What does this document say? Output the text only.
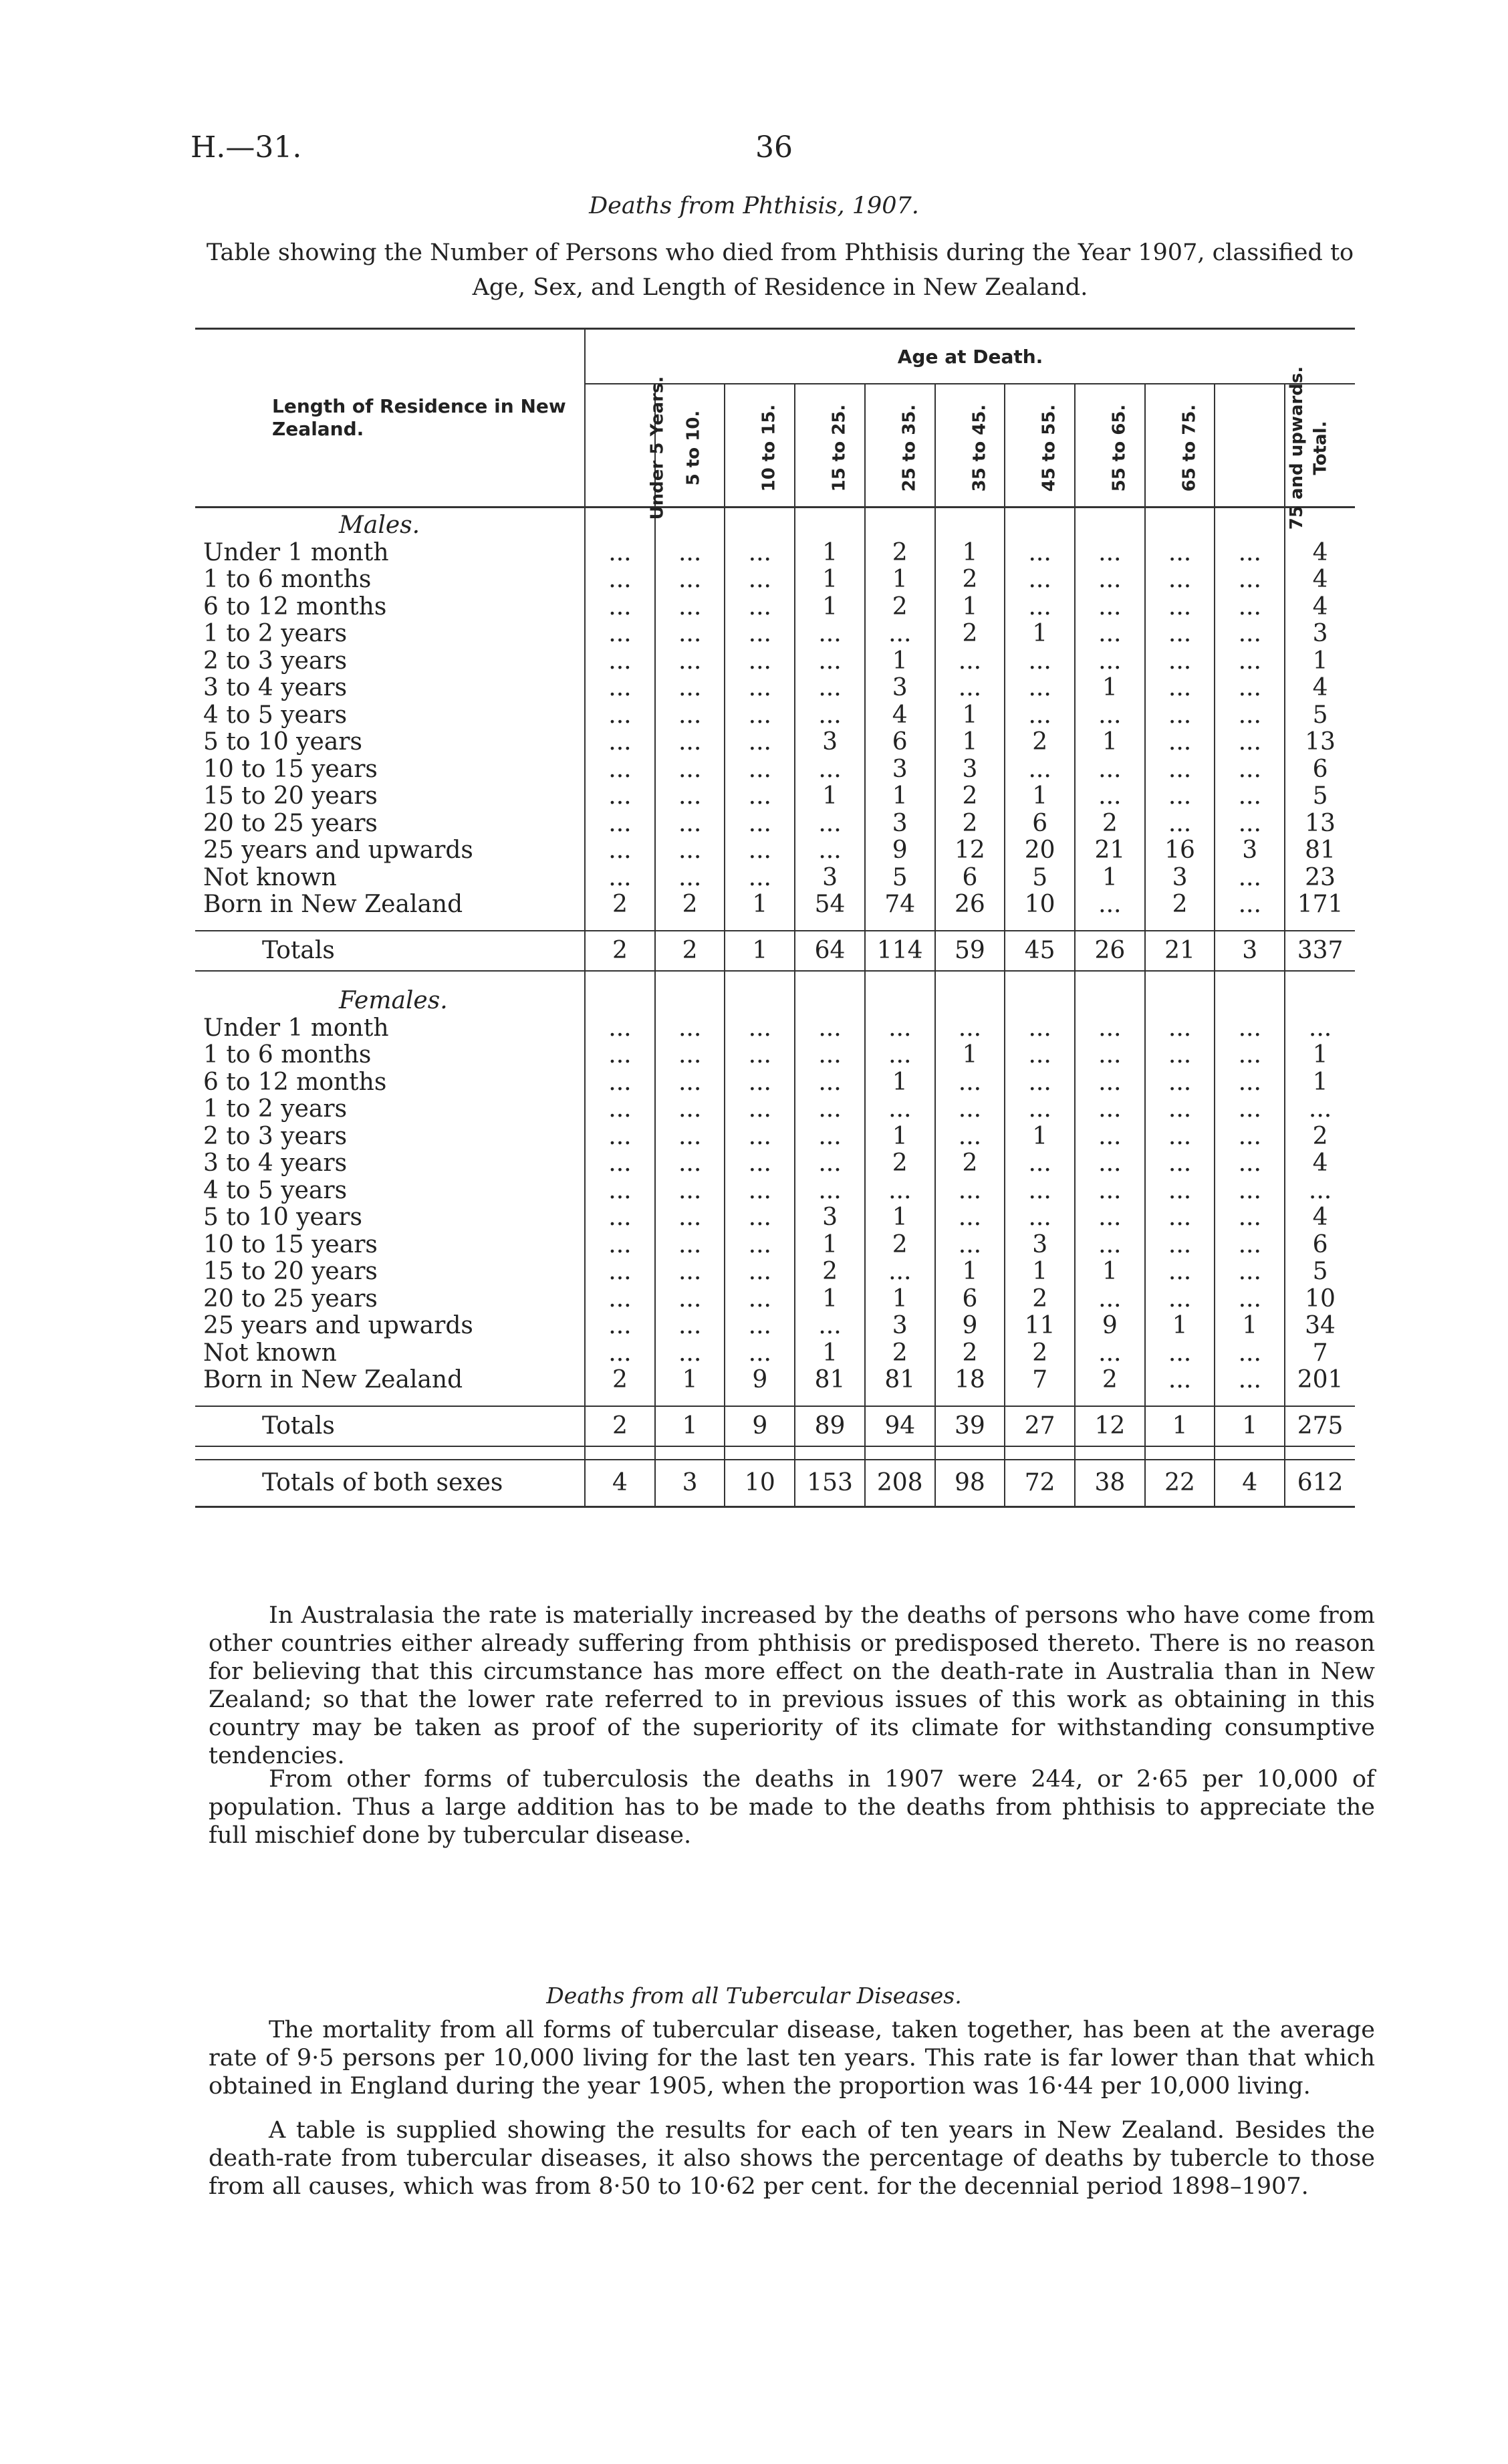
H.—31.	36
Deaths from Phthisis, 1907.
Table showing the Number of Persons who died from Phthisis during the Year 1907, classified to Age, Sex, and Length of Residence in New Zealand.
Length of Residence in New Zealand.	Age at Death.										
	Under 5 Years.	5 to 10.	10 to 15.	15 to 25.	25 to 35.	35 to 45.	45 to 55.	55 to 65.	65 to 75.	75 and upwards.	Total.
Males.											
Under 1 month	...	...	...	1	2	1	...	...	...	...	4
1 to 6 months	...	...	...	1	1	2	...	...	...	...	4
6 to 12 months	...	...	...	1	2	1	...	...	...	...	4
1 to 2 years	...	...	...	...	...	2	1	...	...	...	3
2 to 3 years	...	...	...	...	1	...	...	...	...	...	1
3 to 4 years	...	...	...	...	3	...	...	1	...	...	4
4 to 5 years	...	...	...	...	4	1	...	...	...	...	5
5 to 10 years	...	...	...	3	6	1	2	1	...	...	13
10 to 15 years	...	...	...	...	3	3	...	...	...	...	6
15 to 20 years	...	...	...	1	1	2	1	...	...	...	5
20 to 25 years	...	...	...	...	3	2	6	2	...	...	13
25 years and upwards	...	...	...	...	9	12	20	21	16	3	81
Not known	...	...	...	3	5	6	5	1	3	...	23
Born in New Zealand	2	2	1	54	74	26	10	...	2	...	171

Totals	2	2	1	64	114	59	45	26	21	3	337

Females.											
Under 1 month	...	...	...	...	...	...	...	...	...	...	...
1 to 6 months	...	...	...	...	...	1	...	...	...	...	1
6 to 12 months	...	...	...	...	1	...	...	...	...	...	1
1 to 2 years	...	...	...	...	...	...	...	...	...	...	...
2 to 3 years	...	...	...	...	1	...	1	...	...	...	2
3 to 4 years	...	...	...	...	2	2	...	...	...	...	4
4 to 5 years	...	...	...	...	...	...	...	...	...	...	...
5 to 10 years	...	...	...	3	1	...	...	...	...	...	4
10 to 15 years	...	...	...	1	2	...	3	...	...	...	6
15 to 20 years	...	...	...	2	...	1	1	1	...	...	5
20 to 25 years	...	...	...	1	1	6	2	...	...	...	10
25 years and upwards	...	...	...	...	3	9	11	9	1	1	34
Not known	...	...	...	1	2	2	2	...	...	...	7
Born in New Zealand	2	1	9	81	81	18	7	2	...	...	201

Totals	2	1	9	89	94	39	27	12	1	1	275

Totals of both sexes	4	3	10	153	208	98	72	38	22	4	612

In Australasia the rate is materially increased by the deaths of persons who have come from other countries either already suffering from phthisis or predisposed thereto. There is no reason for believing that this circumstance has more effect on the death-rate in Australia than in New Zealand; so that the lower rate referred to in previous issues of this work as obtaining in this country may be taken as proof of the superiority of its climate for withstanding consumptive tendencies.

From other forms of tuberculosis the deaths in 1907 were 244, or 2·65 per 10,000 of population. Thus a large addition has to be made to the deaths from phthisis to appreciate the full mischief done by tubercular disease.

Deaths from all Tubercular Diseases.

The mortality from all forms of tubercular disease, taken together, has been at the average rate of 9·5 persons per 10,000 living for the last ten years. This rate is far lower than that which obtained in England during the year 1905, when the proportion was 16·44 per 10,000 living.

A table is supplied showing the results for each of ten years in New Zealand. Besides the death-rate from tubercular diseases, it also shows the percentage of deaths by tubercle to those from all causes, which was from 8·50 to 10·62 per cent. for the decennial period 1898–1907.
